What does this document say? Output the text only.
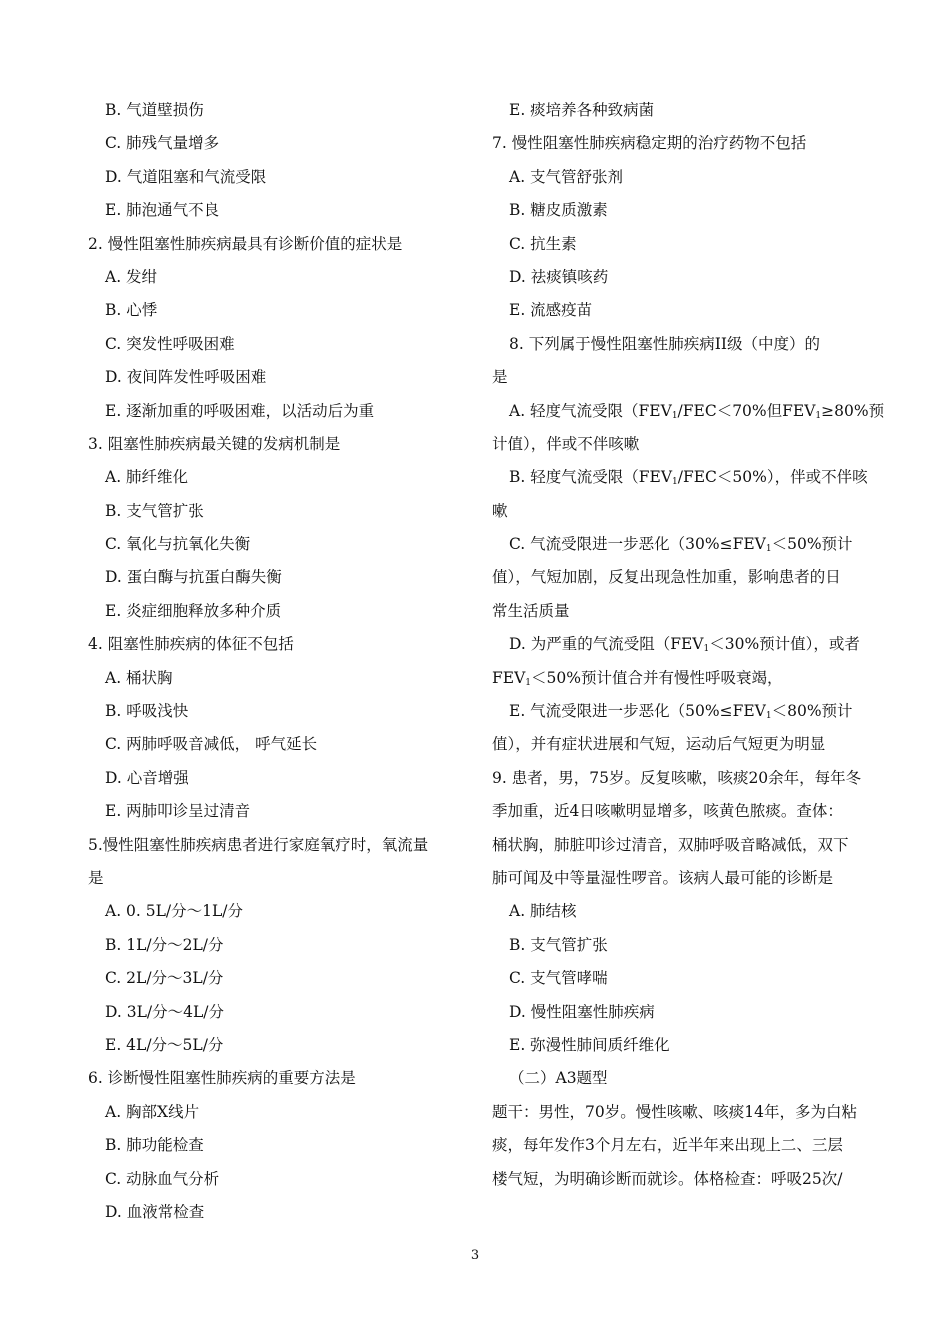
B. 气道壁损伤
C. 肺残气量增多
D. 气道阻塞和气流受限
E. 肺泡通气不良
2. 慢性阻塞性肺疾病最具有诊断价值的症状是
A. 发绀
B. 心悸
C. 突发性呼吸困难
D. 夜间阵发性呼吸困难
E. 逐渐加重的呼吸困难，以活动后为重
3. 阻塞性肺疾病最关键的发病机制是
A. 肺纤维化
B. 支气管扩张
C. 氧化与抗氧化失衡
D. 蛋白酶与抗蛋白酶失衡
E. 炎症细胞释放多种介质
4. 阻塞性肺疾病的体征不包括
A. 桶状胸
B. 呼吸浅快
C. 两肺呼吸音减低， 呼气延长
D. 心音增强
E. 两肺叩诊呈过清音
5.慢性阻塞性肺疾病患者进行家庭氧疗时，氧流量
是
A. 0. 5L/分～1L/分
B. 1L/分～2L/分
C. 2L/分～3L/分
D. 3L/分～4L/分
E. 4L/分～5L/分
6. 诊断慢性阻塞性肺疾病的重要方法是
A. 胸部X线片
B. 肺功能检查
C. 动脉血气分析
D. 血液常检查
E. 痰培养各种致病菌
7. 慢性阻塞性肺疾病稳定期的治疗药物不包括
A. 支气管舒张剂
B. 糖皮质激素
C. 抗生素
D. 祛痰镇咳药
E. 流感疫苗
8. 下列属于慢性阻塞性肺疾病II级（中度）的
是
A. 轻度气流受限（$FEV_1/FEC<70\%$但$FEV_1\ge 80\%$预
计值），伴或不伴咳嗽
B. 轻度气流受限$(FEV_1/FEC<50\%)$，伴或不伴咳
嗽
C. 气流受限进一步恶化（$30\%\le FEV_1<50\%$预计
值），气短加剧，反复出现急性加重，影响患者的日
常生活质量
D. 为严重的气流受阻（$FEV_1<30\%$预计值），或者
$FEV_1<50\%$预计值合并有慢性呼吸衰竭，
E. 气流受限进一步恶化（$50\%\le FEV_1<80\%$预计
值），并有症状进展和气短，运动后气短更为明显
9. 患者，男，75岁。反复咳嗽，咳痰20余年，每年冬
季加重，近4日咳嗽明显增多，咳黄色脓痰。查体：
桶状胸，肺脏叩诊过清音，双肺呼吸音略减低，双下
肺可闻及中等量湿性啰音。该病人最可能的诊断是
A. 肺结核
B. 支气管扩张
C. 支气管哮喘
D. 慢性阻塞性肺疾病
E. 弥漫性肺间质纤维化
（二）A3题型
题干：男性，70岁。慢性咳嗽、咳痰14年，多为白粘
痰，每年发作3个月左右，近半年来出现上二、三层
楼气短，为明确诊断而就诊。体格检查：呼吸25次/
3
